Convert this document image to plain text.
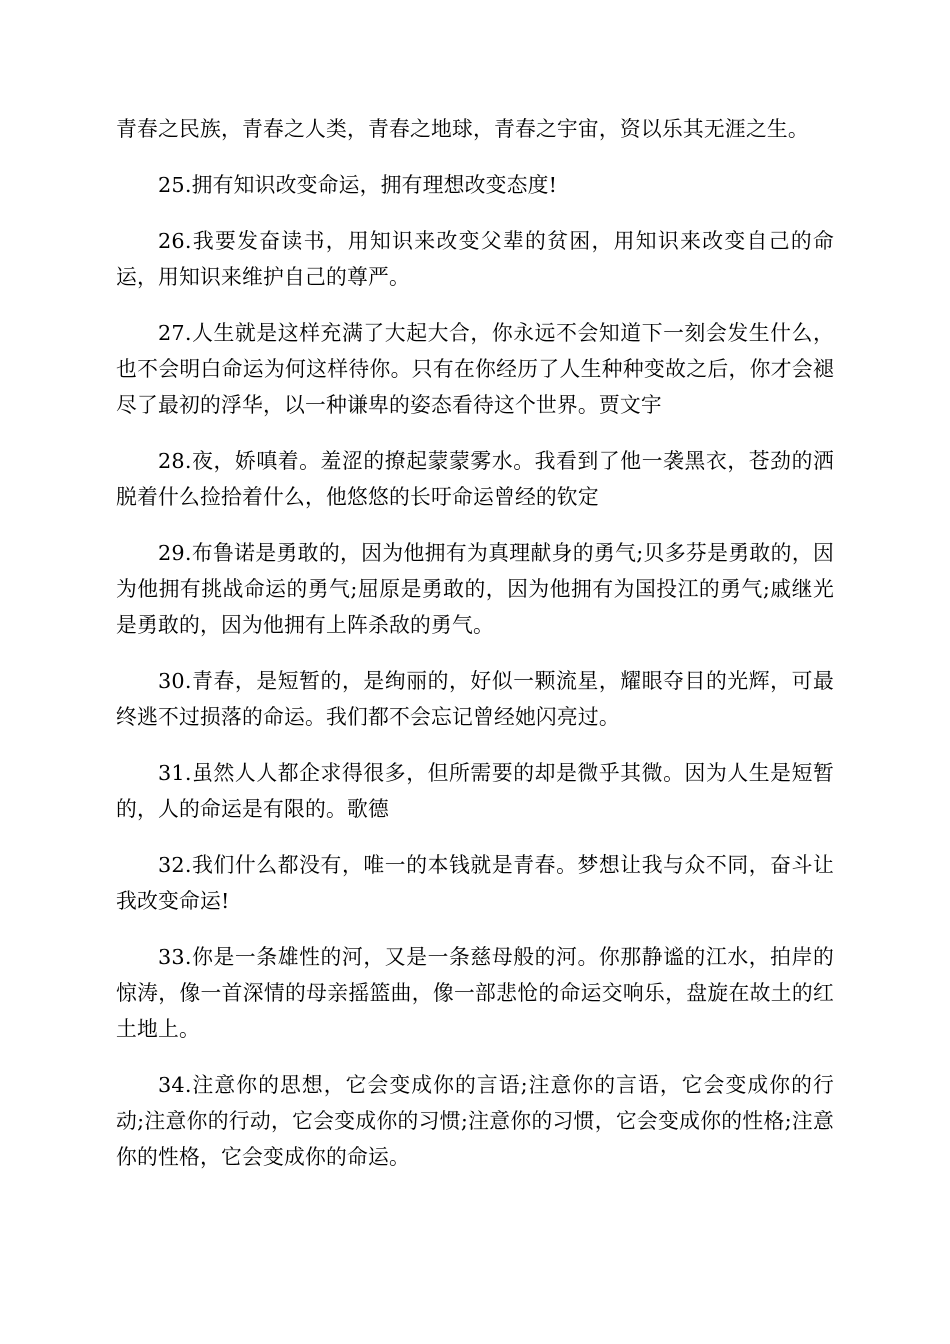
青春之民族，青春之人类，青春之地球，青春之宇宙，资以乐其无涯之生。

25.拥有知识改变命运，拥有理想改变态度!

26.我要发奋读书，用知识来改变父辈的贫困，用知识来改变自己的命运，用知识来维护自己的尊严。

27.人生就是这样充满了大起大合，你永远不会知道下一刻会发生什么，也不会明白命运为何这样待你。只有在你经历了人生种种变故之后，你才会褪尽了最初的浮华，以一种谦卑的姿态看待这个世界。贾文宇

28.夜，娇嗔着。羞涩的撩起蒙蒙雾水。我看到了他一袭黑衣，苍劲的洒脱着什么捡拾着什么，他悠悠的长吁命运曾经的钦定

29.布鲁诺是勇敢的，因为他拥有为真理献身的勇气;贝多芬是勇敢的，因为他拥有挑战命运的勇气;屈原是勇敢的，因为他拥有为国投江的勇气;戚继光是勇敢的，因为他拥有上阵杀敌的勇气。

30.青春，是短暂的，是绚丽的，好似一颗流星，耀眼夺目的光辉，可最终逃不过损落的命运。我们都不会忘记曾经她闪亮过。

31.虽然人人都企求得很多，但所需要的却是微乎其微。因为人生是短暂的，人的命运是有限的。歌德

32.我们什么都没有，唯一的本钱就是青春。梦想让我与众不同，奋斗让我改变命运!

33.你是一条雄性的河，又是一条慈母般的河。你那静谧的江水，拍岸的惊涛，像一首深情的母亲摇篮曲，像一部悲怆的命运交响乐，盘旋在故土的红土地上。

34.注意你的思想，它会变成你的言语;注意你的言语，它会变成你的行动;注意你的行动，它会变成你的习惯;注意你的习惯，它会变成你的性格;注意你的性格，它会变成你的命运。
